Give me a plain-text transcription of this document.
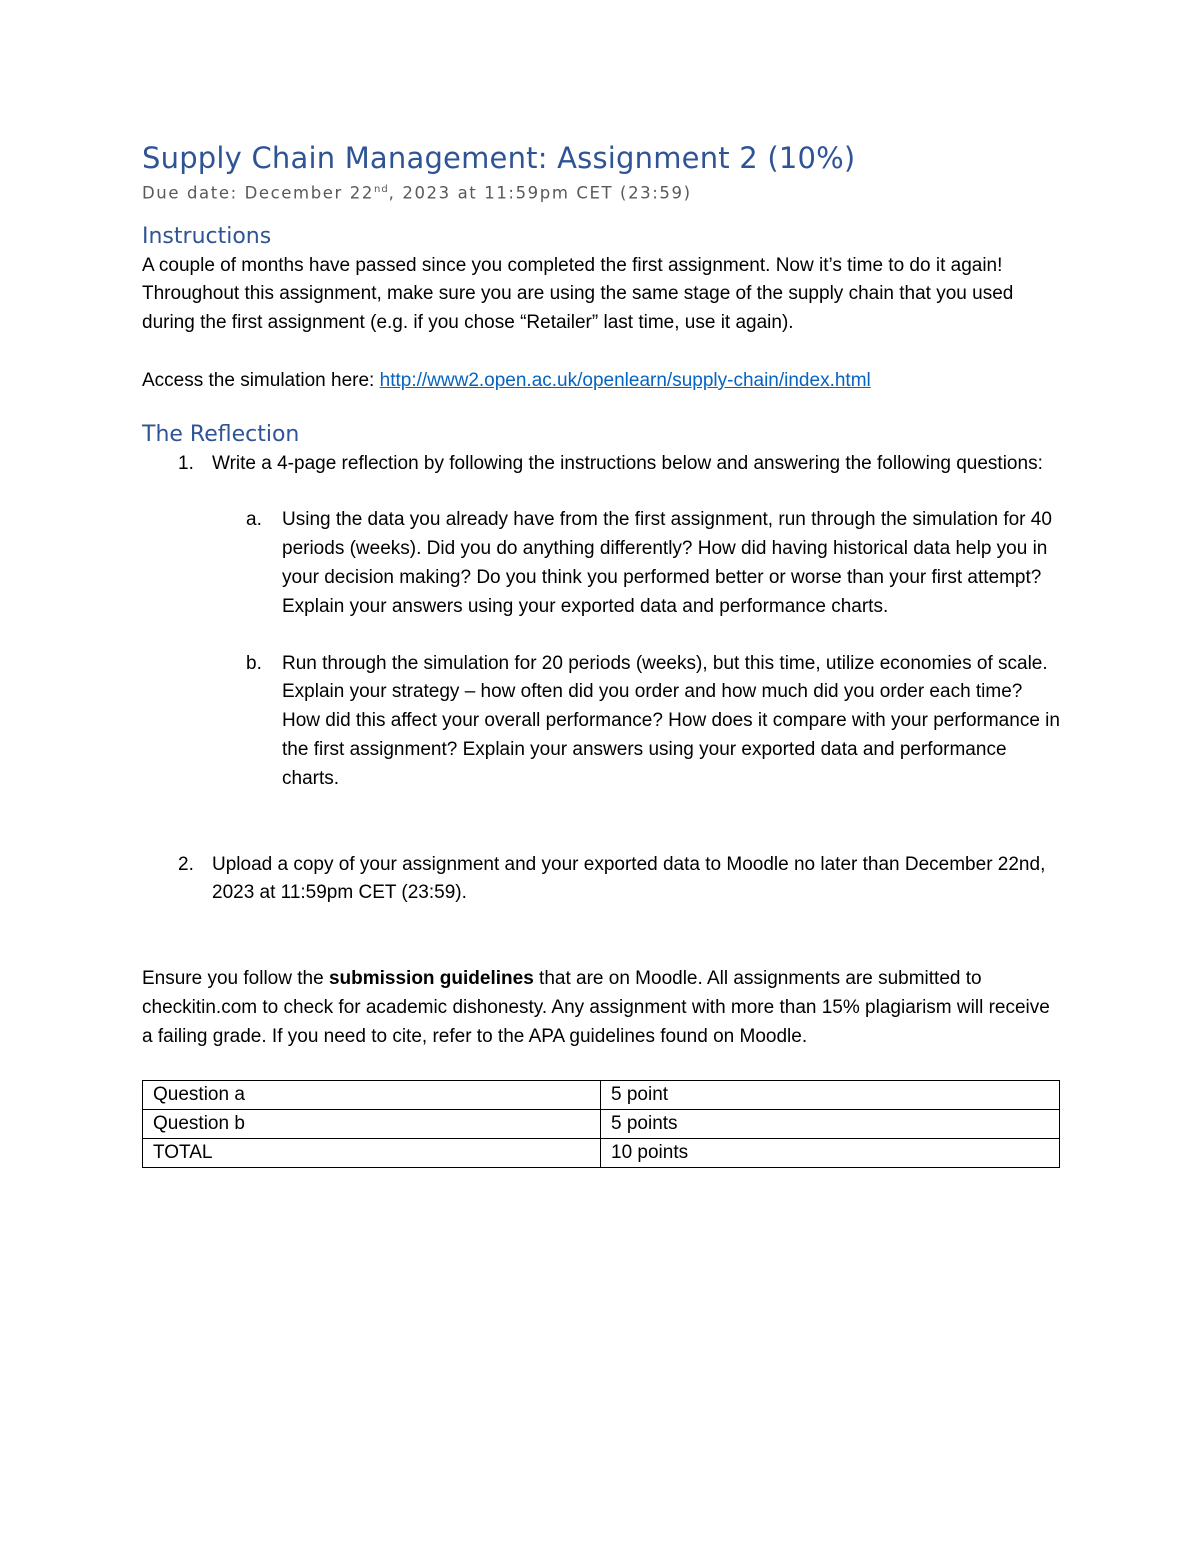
Supply Chain Management: Assignment 2 (10%)

Due date: December 22nd, 2023 at 11:59pm CET (23:59)

Instructions

A couple of months have passed since you completed the first assignment. Now it’s time to do it again! Throughout this assignment, make sure you are using the same stage of the supply chain that you used during the first assignment (e.g. if you chose “Retailer” last time, use it again).

Access the simulation here: http://www2.open.ac.uk/openlearn/supply-chain/index.html

The Reflection
1. Write a 4-page reflection by following the instructions below and answering the following questions:
a. Using the data you already have from the first assignment, run through the simulation for 40 periods (weeks). Did you do anything differently? How did having historical data help you in your decision making? Do you think you performed better or worse than your first attempt? Explain your answers using your exported data and performance charts.
b. Run through the simulation for 20 periods (weeks), but this time, utilize economies of scale. Explain your strategy – how often did you order and how much did you order each time? How did this affect your overall performance? How does it compare with your performance in the first assignment? Explain your answers using your exported data and performance charts.
2. Upload a copy of your assignment and your exported data to Moodle no later than December 22nd, 2023 at 11:59pm CET (23:59).

Ensure you follow the submission guidelines that are on Moodle. All assignments are submitted to checkitin.com to check for academic dishonesty. Any assignment with more than 15% plagiarism will receive a failing grade. If you need to cite, refer to the APA guidelines found on Moodle.

Question a	5 point
Question b	5 points
TOTAL	10 points
